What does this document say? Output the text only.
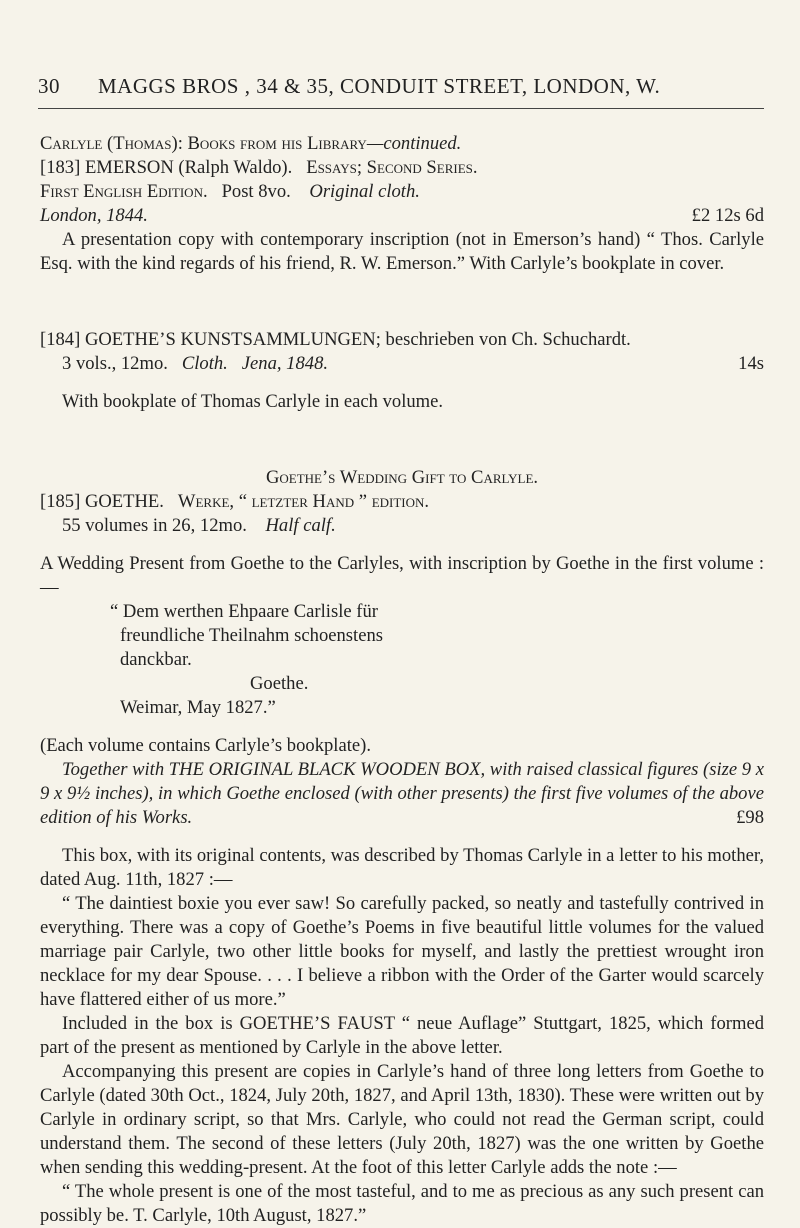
30 MAGGS BROS , 34 & 35, CONDUIT STREET, LONDON, W.

Carlyle (Thomas): Books from his Library—continued.

[183] EMERSON (Ralph Waldo). Essays; Second Series.

First English Edition. Post 8vo. Original cloth.

London, 1844.	£2 12s 6d

A presentation copy with contemporary inscription (not in Emerson’s hand) “ Thos. Carlyle Esq. with the kind regards of his friend, R. W. Emerson.” With Carlyle’s bookplate in cover.

[184] GOETHE’S KUNSTSAMMLUNGEN; beschrieben von Ch. Schuchardt.

3 vols., 12mo. Cloth. Jena, 1848.	14s

With bookplate of Thomas Carlyle in each volume.

Goethe’s Wedding Gift to Carlyle.

[185] GOETHE. Werke, “ letzter Hand ” edition.

55 volumes in 26, 12mo. Half calf.

A Wedding Present from Goethe to the Carlyles, with inscription by Goethe in the first volume :—

“ Dem werthen Ehpaare Carlisle für

freundliche Theilnahm schoenstens

danckbar.

Goethe.

Weimar, May 1827.”

(Each volume contains Carlyle’s bookplate).

Together with THE ORIGINAL BLACK WOODEN BOX, with raised classical figures (size 9 x 9 x 9½ inches), in which Goethe enclosed (with other presents) the first five volumes of the above edition of his Works.	£98

This box, with its original contents, was described by Thomas Carlyle in a letter to his mother, dated Aug. 11th, 1827 :—

“ The daintiest boxie you ever saw! So carefully packed, so neatly and tastefully contrived in everything. There was a copy of Goethe’s Poems in five beautiful little volumes for the valued marriage pair Carlyle, two other little books for myself, and lastly the prettiest wrought iron necklace for my dear Spouse. . . . I believe a ribbon with the Order of the Garter would scarcely have flattered either of us more.”

Included in the box is GOETHE’S FAUST “ neue Auflage” Stuttgart, 1825, which formed part of the present as mentioned by Carlyle in the above letter.

Accompanying this present are copies in Carlyle’s hand of three long letters from Goethe to Carlyle (dated 30th Oct., 1824, July 20th, 1827, and April 13th, 1830). These were written out by Carlyle in ordinary script, so that Mrs. Carlyle, who could not read the German script, could understand them. The second of these letters (July 20th, 1827) was the one written by Goethe when sending this wedding-present. At the foot of this letter Carlyle adds the note :—

“ The whole present is one of the most tasteful, and to me as precious as any such present can possibly be. T. Carlyle, 10th August, 1827.”
